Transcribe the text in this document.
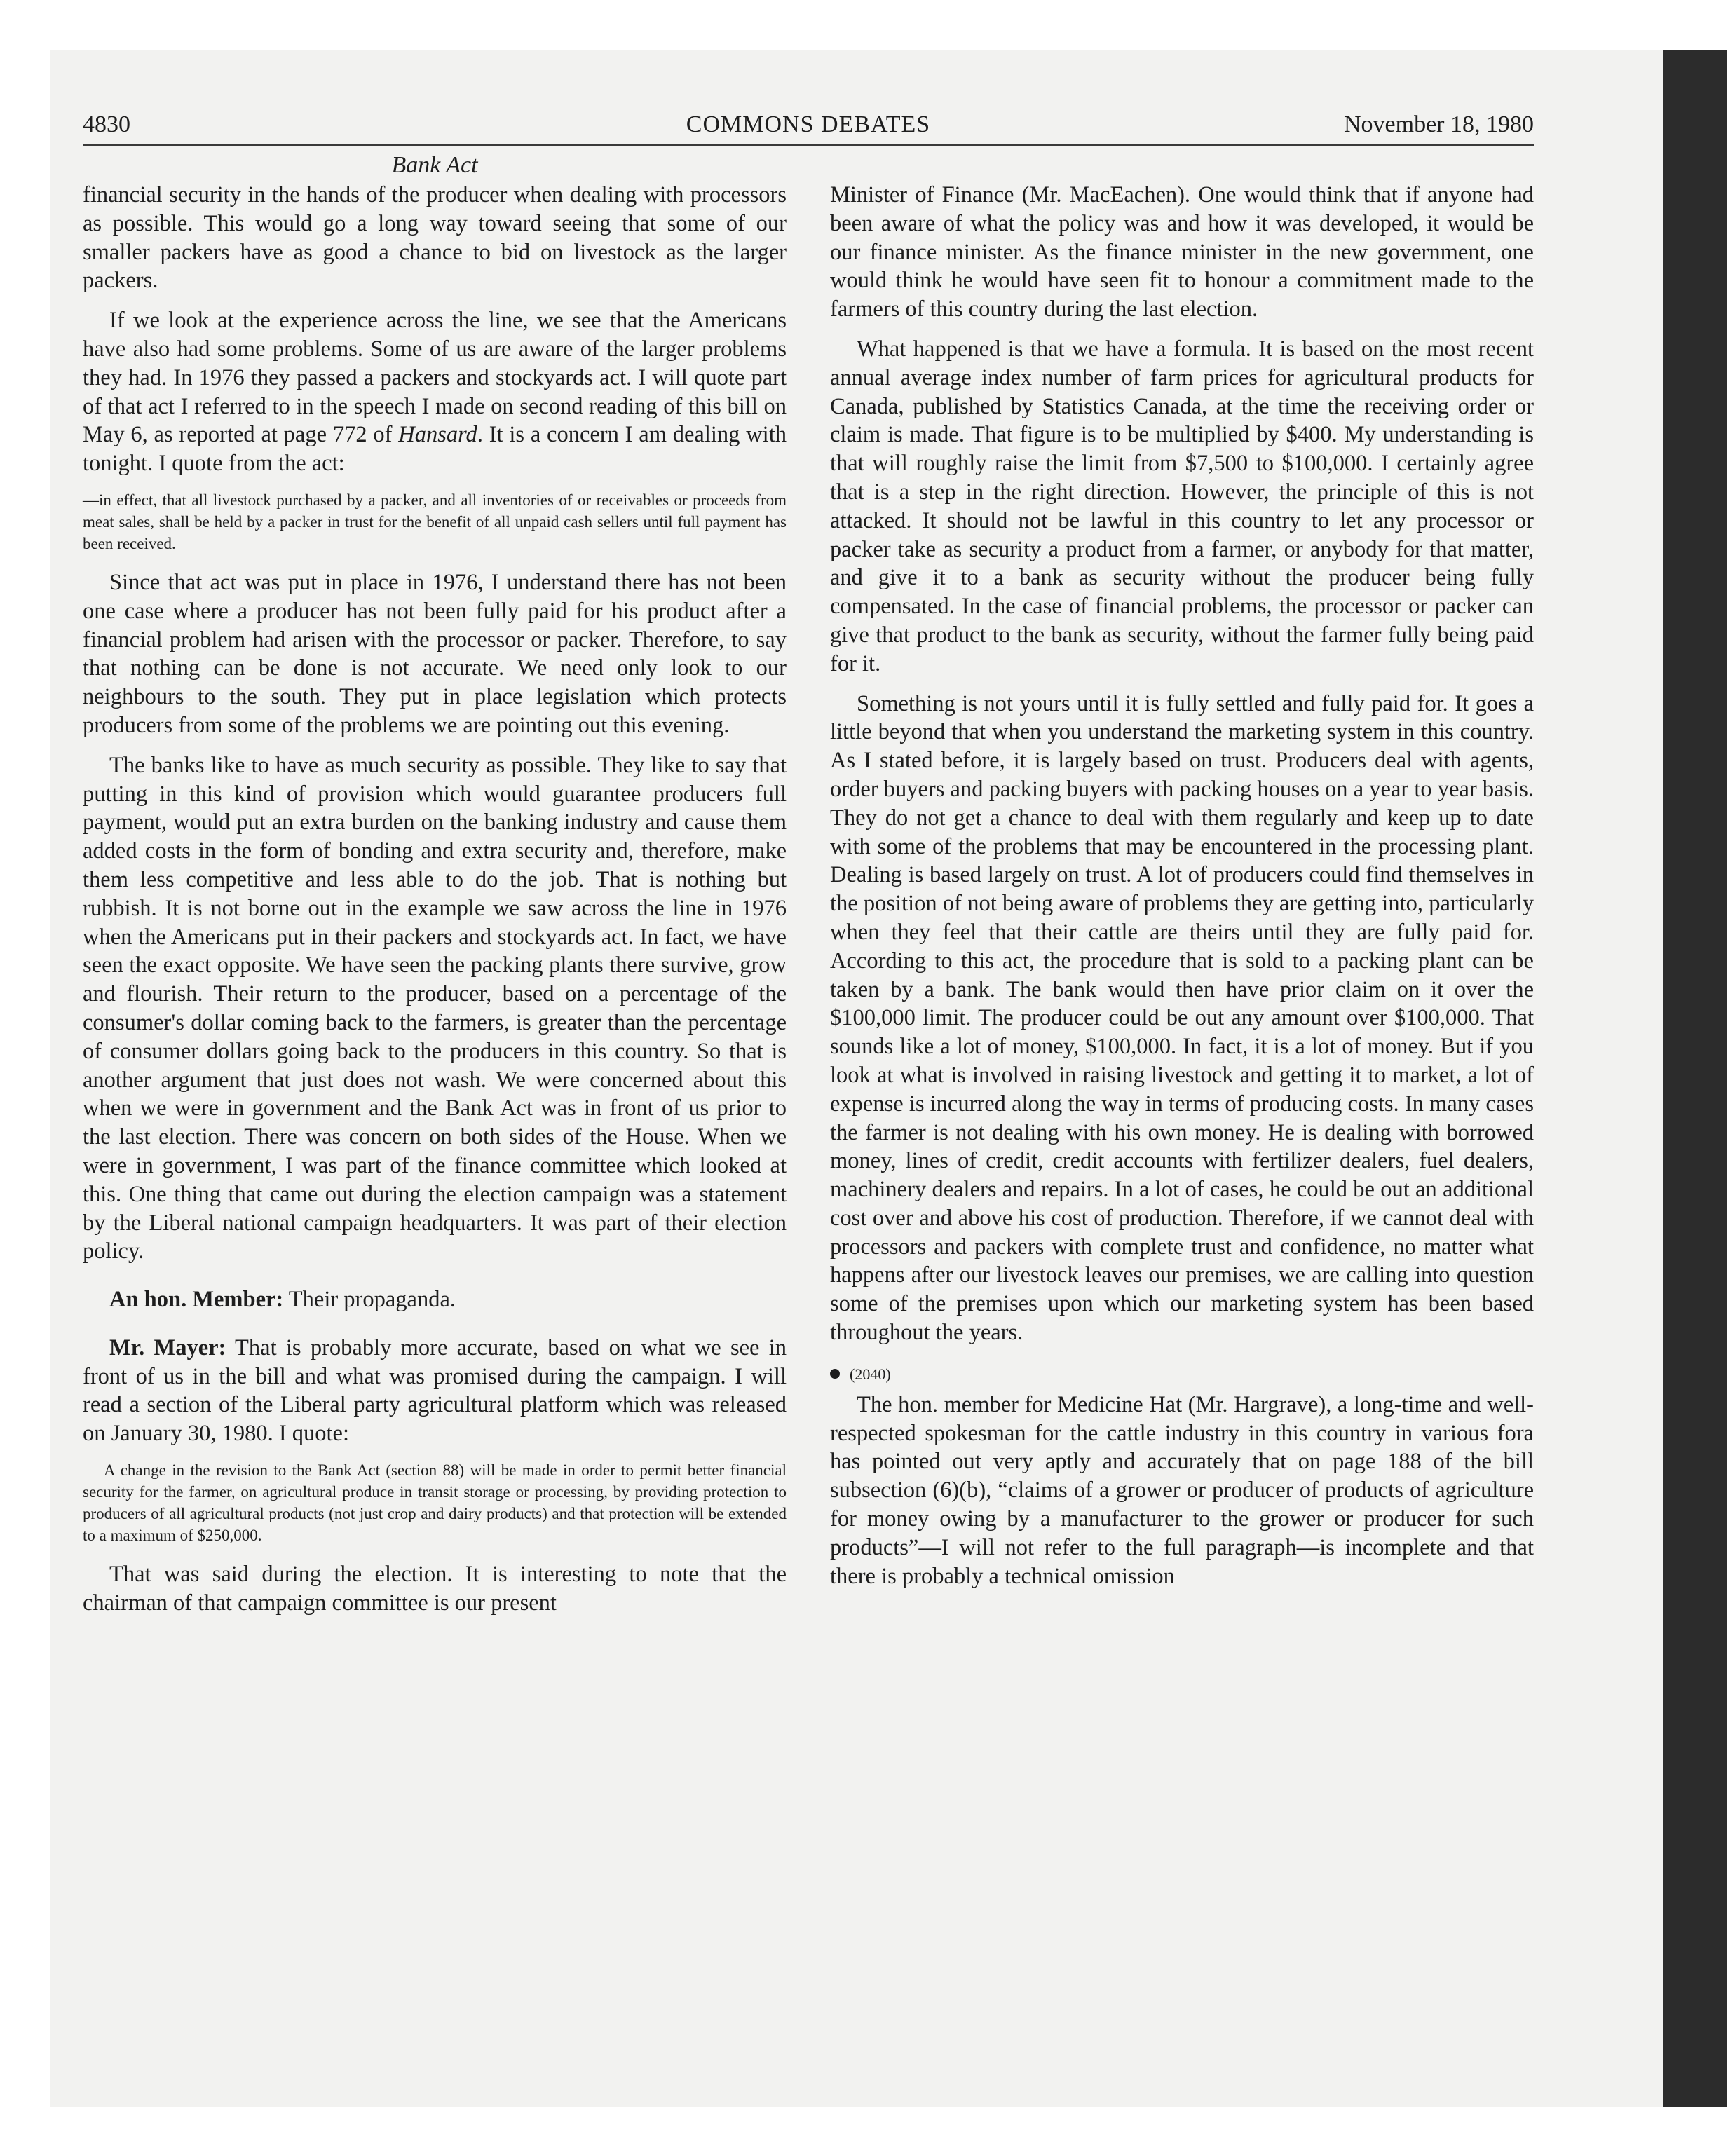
4830	COMMONS DEBATES	November 18, 1980
Bank Act

financial security in the hands of the producer when dealing with processors as possible. This would go a long way toward seeing that some of our smaller packers have as good a chance to bid on livestock as the larger packers.

If we look at the experience across the line, we see that the Americans have also had some problems. Some of us are aware of the larger problems they had. In 1976 they passed a packers and stockyards act. I will quote part of that act I referred to in the speech I made on second reading of this bill on May 6, as reported at page 772 of Hansard. It is a concern I am dealing with tonight. I quote from the act:

—in effect, that all livestock purchased by a packer, and all inventories of or receivables or proceeds from meat sales, shall be held by a packer in trust for the benefit of all unpaid cash sellers until full payment has been received.

Since that act was put in place in 1976, I understand there has not been one case where a producer has not been fully paid for his product after a financial problem had arisen with the processor or packer. Therefore, to say that nothing can be done is not accurate. We need only look to our neighbours to the south. They put in place legislation which protects producers from some of the problems we are pointing out this evening.

The banks like to have as much security as possible. They like to say that putting in this kind of provision which would guarantee producers full payment, would put an extra burden on the banking industry and cause them added costs in the form of bonding and extra security and, therefore, make them less competitive and less able to do the job. That is nothing but rubbish. It is not borne out in the example we saw across the line in 1976 when the Americans put in their packers and stockyards act. In fact, we have seen the exact opposite. We have seen the packing plants there survive, grow and flourish. Their return to the producer, based on a percentage of the consumer's dollar coming back to the farmers, is greater than the percentage of consumer dollars going back to the producers in this country. So that is another argument that just does not wash. We were concerned about this when we were in government and the Bank Act was in front of us prior to the last election. There was concern on both sides of the House. When we were in government, I was part of the finance committee which looked at this. One thing that came out during the election campaign was a statement by the Liberal national campaign headquarters. It was part of their election policy.

An hon. Member: Their propaganda.

Mr. Mayer: That is probably more accurate, based on what we see in front of us in the bill and what was promised during the campaign. I will read a section of the Liberal party agricultural platform which was released on January 30, 1980. I quote:

A change in the revision to the Bank Act (section 88) will be made in order to permit better financial security for the farmer, on agricultural produce in transit storage or processing, by providing protection to producers of all agricultural products (not just crop and dairy products) and that protection will be extended to a maximum of $250,000.

That was said during the election. It is interesting to note that the chairman of that campaign committee is our present

Minister of Finance (Mr. MacEachen). One would think that if anyone had been aware of what the policy was and how it was developed, it would be our finance minister. As the finance minister in the new government, one would think he would have seen fit to honour a commitment made to the farmers of this country during the last election.

What happened is that we have a formula. It is based on the most recent annual average index number of farm prices for agricultural products for Canada, published by Statistics Canada, at the time the receiving order or claim is made. That figure is to be multiplied by $400. My understanding is that will roughly raise the limit from $7,500 to $100,000. I certainly agree that is a step in the right direction. However, the principle of this is not attacked. It should not be lawful in this country to let any processor or packer take as security a product from a farmer, or anybody for that matter, and give it to a bank as security without the producer being fully compensated. In the case of financial problems, the processor or packer can give that product to the bank as security, without the farmer fully being paid for it.

Something is not yours until it is fully settled and fully paid for. It goes a little beyond that when you understand the marketing system in this country. As I stated before, it is largely based on trust. Producers deal with agents, order buyers and packing buyers with packing houses on a year to year basis. They do not get a chance to deal with them regularly and keep up to date with some of the problems that may be encountered in the processing plant. Dealing is based largely on trust. A lot of producers could find themselves in the position of not being aware of problems they are getting into, particularly when they feel that their cattle are theirs until they are fully paid for. According to this act, the procedure that is sold to a packing plant can be taken by a bank. The bank would then have prior claim on it over the $100,000 limit. The producer could be out any amount over $100,000. That sounds like a lot of money, $100,000. In fact, it is a lot of money. But if you look at what is involved in raising livestock and getting it to market, a lot of expense is incurred along the way in terms of producing costs. In many cases the farmer is not dealing with his own money. He is dealing with borrowed money, lines of credit, credit accounts with fertilizer dealers, fuel dealers, machinery dealers and repairs. In a lot of cases, he could be out an additional cost over and above his cost of production. Therefore, if we cannot deal with processors and packers with complete trust and confidence, no matter what happens after our livestock leaves our premises, we are calling into question some of the premises upon which our marketing system has been based throughout the years.

(2040)

The hon. member for Medicine Hat (Mr. Hargrave), a long-time and well-respected spokesman for the cattle industry in this country in various fora has pointed out very aptly and accurately that on page 188 of the bill subsection (6)(b), “claims of a grower or producer of products of agriculture for money owing by a manufacturer to the grower or producer for such products”—I will not refer to the full paragraph—is incomplete and that there is probably a technical omission
